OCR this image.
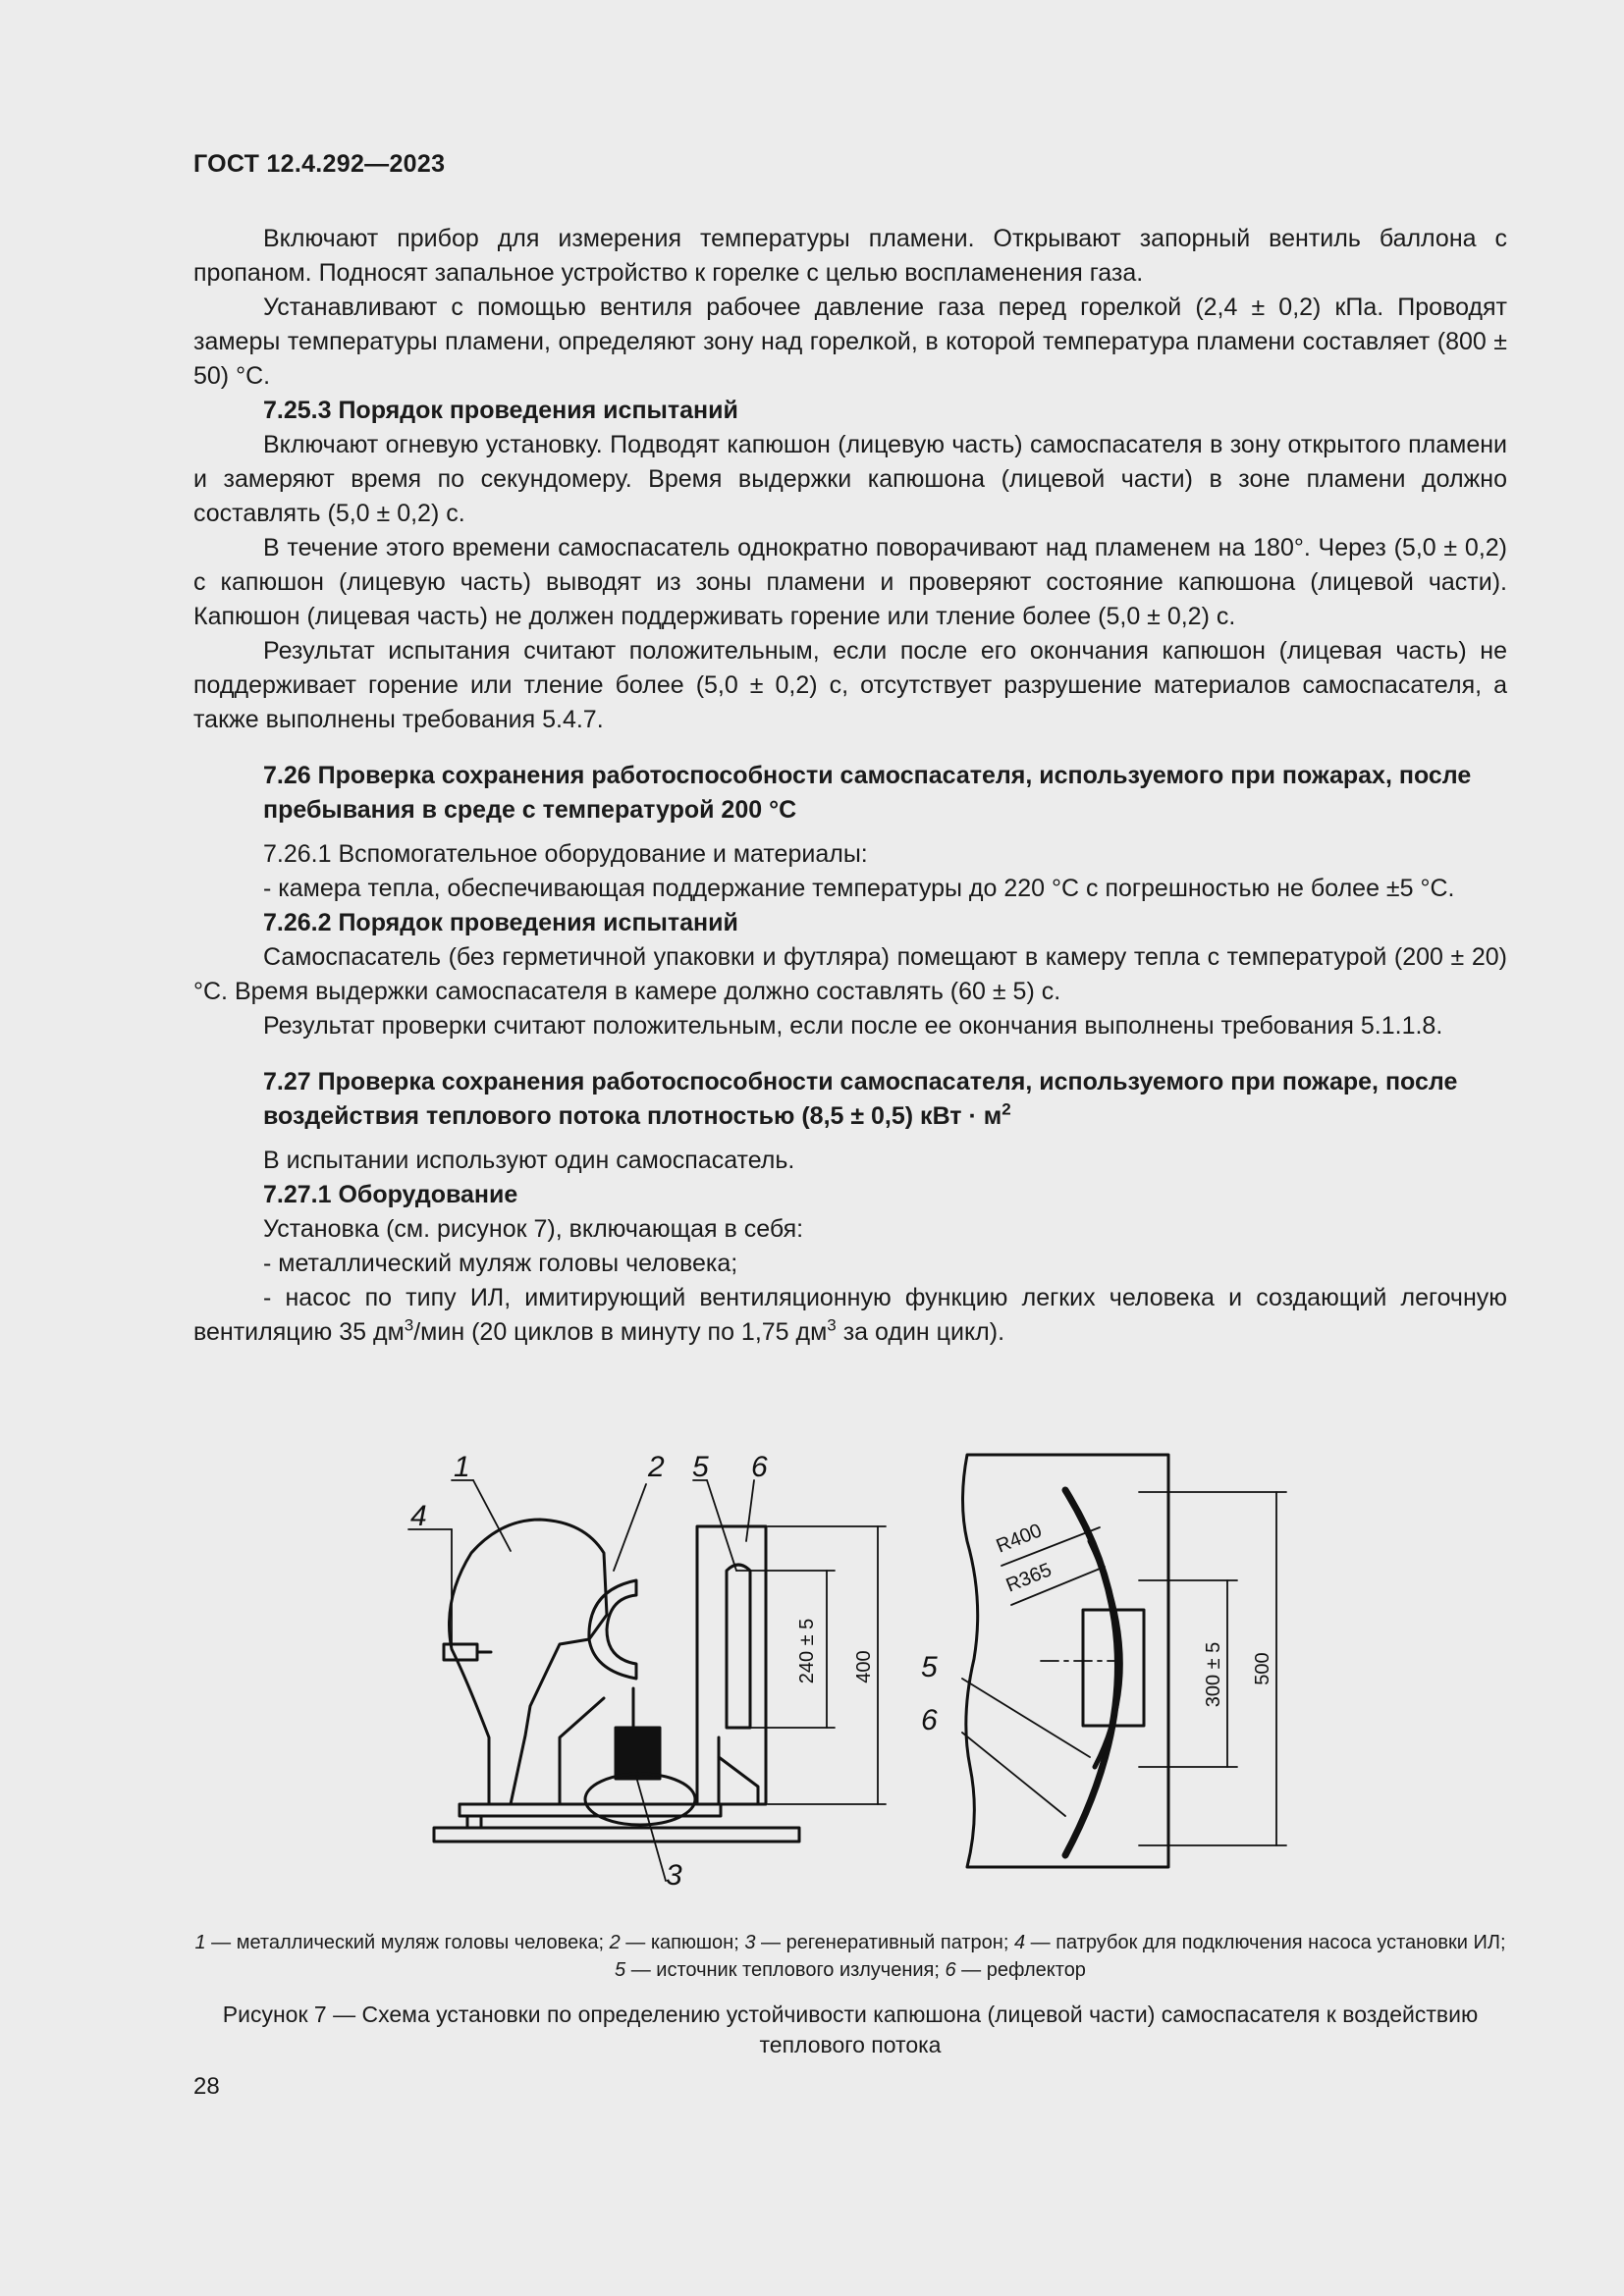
ГОСТ 12.4.292—2023

Включают прибор для измерения температуры пламени. Открывают запорный вентиль баллона с пропаном. Подносят запальное устройство к горелке с целью воспламенения газа.

Устанавливают с помощью вентиля рабочее давление газа перед горелкой (2,4 ± 0,2) кПа. Проводят замеры температуры пламени, определяют зону над горелкой, в которой температура пламени составляет (800 ± 50) °С.

7.25.3 Порядок проведения испытаний

Включают огневую установку. Подводят капюшон (лицевую часть) самоспасателя в зону открытого пламени и замеряют время по секундомеру. Время выдержки капюшона (лицевой части) в зоне пламени должно составлять (5,0 ± 0,2) с.

В течение этого времени самоспасатель однократно поворачивают над пламенем на 180°. Через (5,0 ± 0,2) с капюшон (лицевую часть) выводят из зоны пламени и проверяют состояние капюшона (лицевой части). Капюшон (лицевая часть) не должен поддерживать горение или тление более (5,0 ± 0,2) с.

Результат испытания считают положительным, если после его окончания капюшон (лицевая часть) не поддерживает горение или тление более (5,0 ± 0,2) с, отсутствует разрушение материалов самоспасателя, а также выполнены требования 5.4.7.

7.26 Проверка сохранения работоспособности самоспасателя, используемого при пожарах, после пребывания в среде с температурой 200 °С

7.26.1 Вспомогательное оборудование и материалы:

- камера тепла, обеспечивающая поддержание температуры до 220 °С с погрешностью не более ±5 °С.

7.26.2 Порядок проведения испытаний

Самоспасатель (без герметичной упаковки и футляра) помещают в камеру тепла с температурой (200 ± 20) °С. Время выдержки самоспасателя в камере должно составлять (60 ± 5) с.

Результат проверки считают положительным, если после ее окончания выполнены требования 5.1.1.8.

7.27 Проверка сохранения работоспособности самоспасателя, используемого при пожаре, после воздействия теплового потока плотностью (8,5 ± 0,5) кВт · $м^2$

В испытании используют один самоспасатель.

7.27.1 Оборудование

Установка (см. рисунок 7), включающая в себя:

- металлический муляж головы человека;

- насос по типу ИЛ, имитирующий вентиляционную функцию легких человека и создающий легочную вентиляцию 35 $дм^3$/мин (20 циклов в минуту по 1,75 $дм^3$ за один цикл).

1	2 5 6
4
3
5
6
240 ± 5 400	300 ± 5 500
R400
R365
1 — металлический муляж головы человека; 2 — капюшон; 3 — регенеративный патрон; 4 — патрубок для подключения насоса установки ИЛ; 5 — источник теплового излучения; 6 — рефлектор
Рисунок 7 — Схема установки по определению устойчивости капюшона (лицевой части) самоспасателя к воздействию теплового потока
28
